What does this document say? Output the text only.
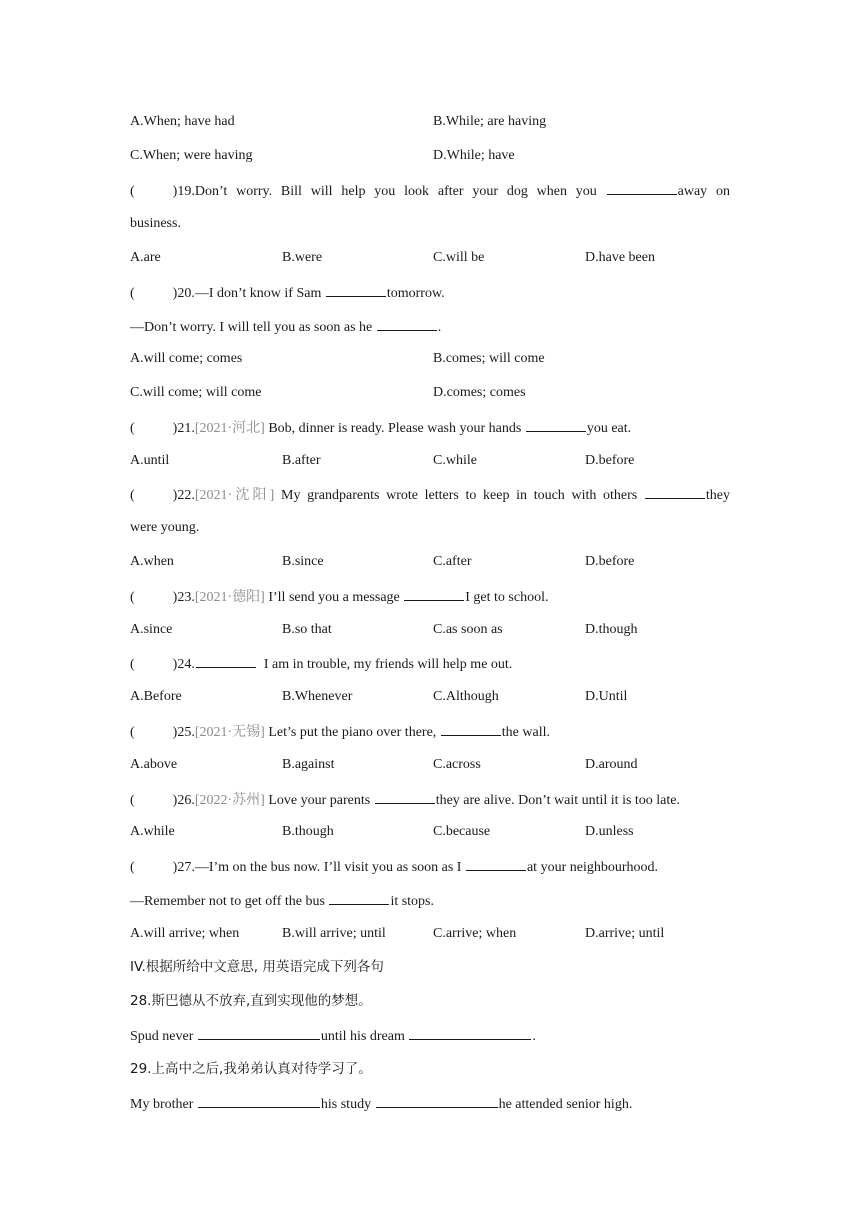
A.When; have had	B.While; are having
C.When; were having	D.While; have
(	)19.Don’t worry. Bill will help you look after your dog when you	away on
business.
A.are	B.were	C.will be	D.have been
(	)20.—I don’t know if Sam	tomorrow.
—Don’t worry. I will tell you as soon as he	.
A.will come; comes	B.comes; will come
C.will come; will come	D.comes; comes
(	)21.[2021·河北] Bob, dinner is ready. Please wash your hands	you eat.
A.until	B.after	C.while	D.before
(	)22.[2021·沈阳] My grandparents wrote letters to keep in touch with others	they
were young.
A.when	B.since	C.after	D.before
(	)23.[2021·德阳] I’ll send you a message	I get to school.
A.since	B.so that	C.as soon as	D.though
(	)24.	I am in trouble, my friends will help me out.
A.Before	B.Whenever	C.Although	D.Until
(	)25.[2021·无锡] Let’s put the piano over there,	the wall.
A.above	B.against	C.across	D.around
(	)26.[2022·苏州] Love your parents	they are alive. Don’t wait until it is too late.
A.while	B.though	C.because	D.unless
(	)27.—I’m on the bus now. I’ll visit you as soon as I	at your neighbourhood.
—Remember not to get off the bus	it stops.
A.will arrive; when	B.will arrive; until	C.arrive; when	D.arrive; until
IV.根据所给中文意思, 用英语完成下列各句
28.斯巴德从不放弃,直到实现他的梦想。
Spud never	until his dream	.
29.上高中之后,我弟弟认真对待学习了。
My brother	his study	he attended senior high.
